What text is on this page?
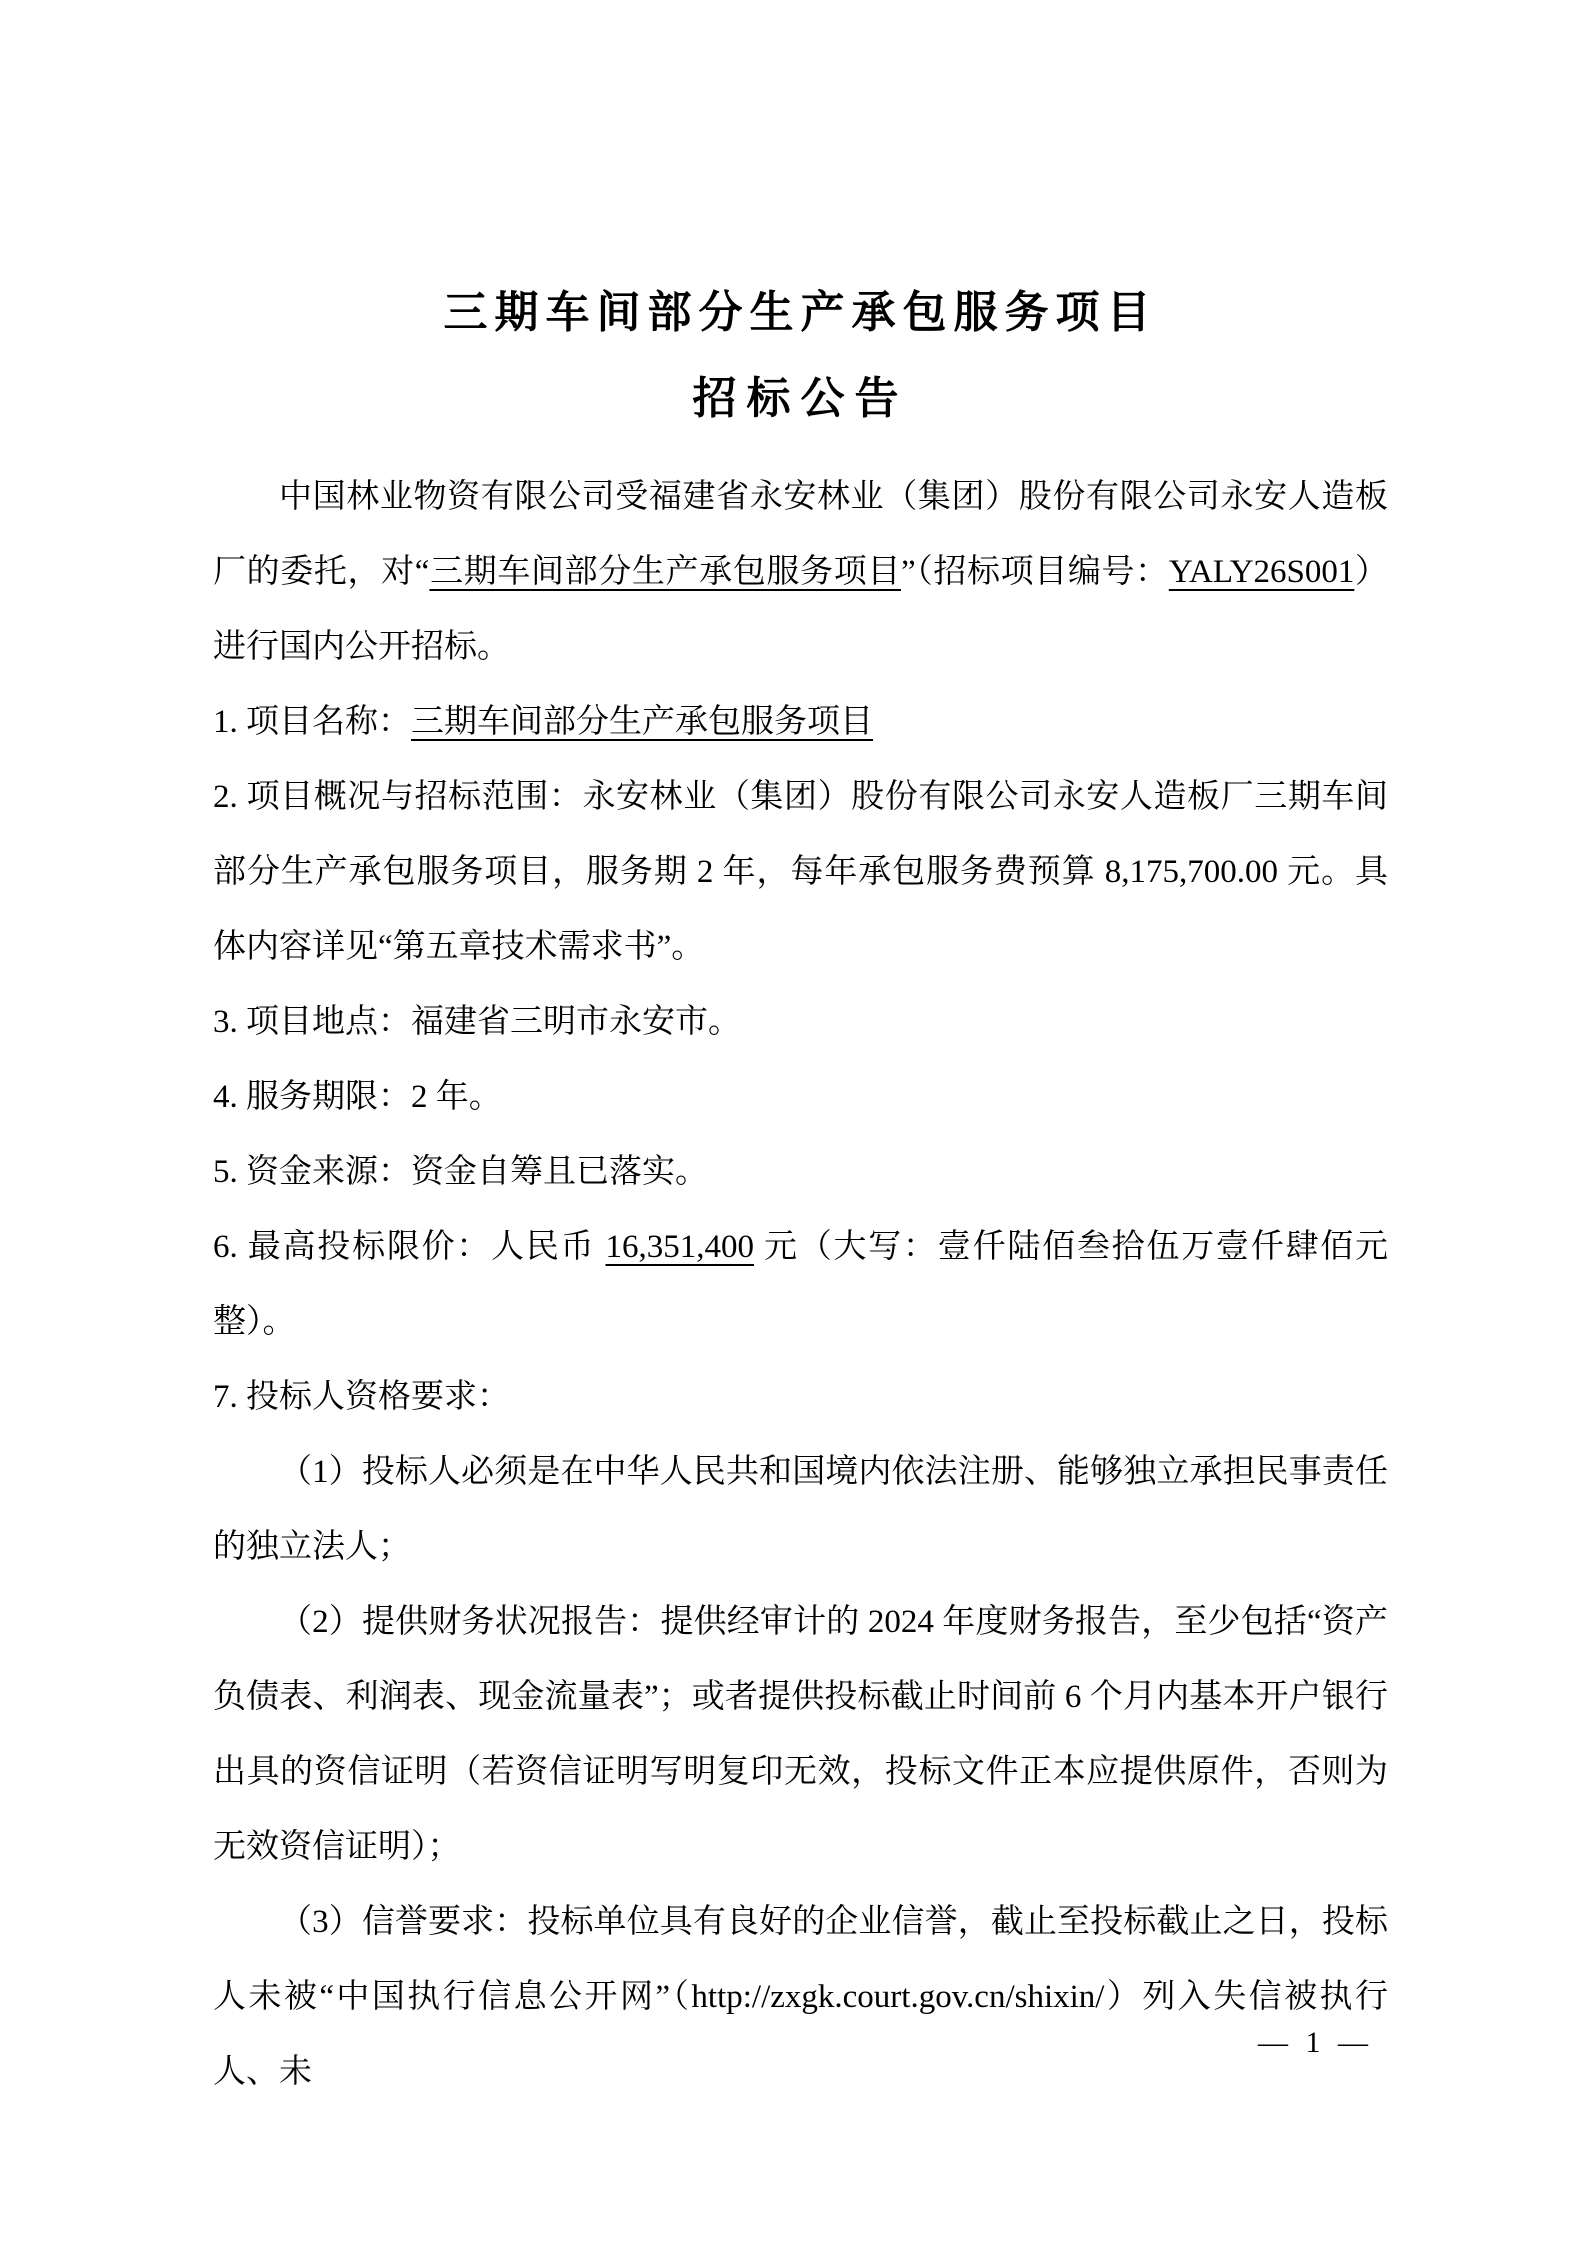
三期车间部分生产承包服务项目
招标公告

中国林业物资有限公司受福建省永安林业（集团）股份有限公司永安人造板厂的委托，对“三期车间部分生产承包服务项目”（招标项目编号：YALY26S001）进行国内公开招标。

1. 项目名称：三期车间部分生产承包服务项目

2. 项目概况与招标范围：永安林业（集团）股份有限公司永安人造板厂三期车间部分生产承包服务项目，服务期 2 年，每年承包服务费预算 8,175,700.00 元。具体内容详见“第五章技术需求书”。

3. 项目地点：福建省三明市永安市。

4. 服务期限：2 年。

5. 资金来源：资金自筹且已落实。

6. 最高投标限价：人民币 16,351,400 元（大写：壹仟陆佰叁拾伍万壹仟肆佰元整）。

7. 投标人资格要求：

（1）投标人必须是在中华人民共和国境内依法注册、能够独立承担民事责任的独立法人；

（2）提供财务状况报告：提供经审计的 2024 年度财务报告，至少包括“资产负债表、利润表、现金流量表”；或者提供投标截止时间前 6 个月内基本开户银行出具的资信证明（若资信证明写明复印无效，投标文件正本应提供原件，否则为无效资信证明）；

（3）信誉要求：投标单位具有良好的企业信誉，截止至投标截止之日，投标人未被“中国执行信息公开网”（http://zxgk.court.gov.cn/shixin/）列入失信被执行人、未

— 1 —
